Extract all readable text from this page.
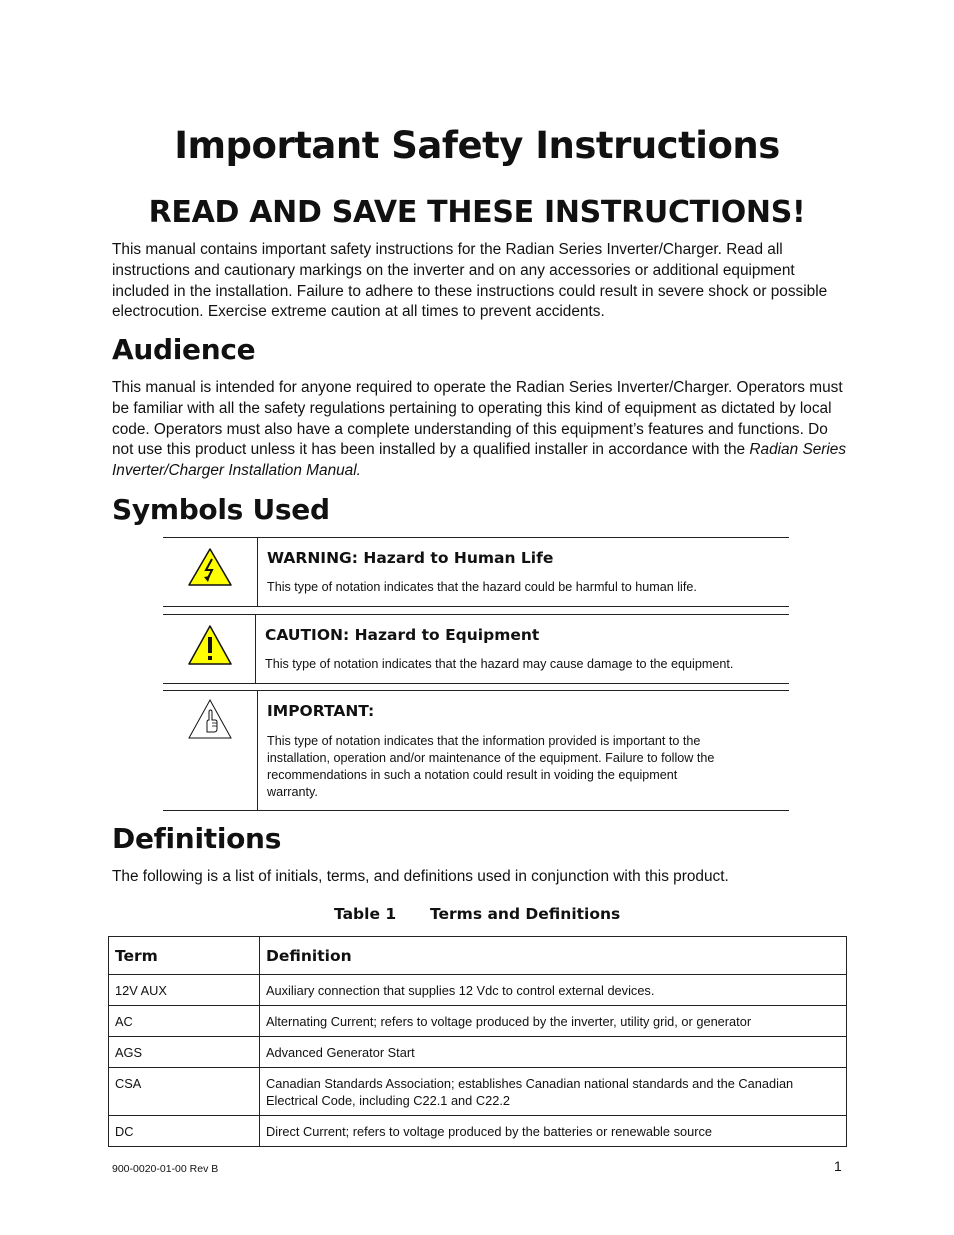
Important Safety Instructions
READ AND SAVE THESE INSTRUCTIONS!

This manual contains important safety instructions for the Radian Series Inverter/Charger. Read all instructions and cautionary markings on the inverter and on any accessories or additional equipment included in the installation. Failure to adhere to these instructions could result in severe shock or possible electrocution. Exercise extreme caution at all times to prevent accidents.

Audience

This manual is intended for anyone required to operate the Radian Series Inverter/Charger. Operators must be familiar with all the safety regulations pertaining to operating this kind of equipment as dictated by local code. Operators must also have a complete understanding of this equipment’s features and functions. Do not use this product unless it has been installed by a qualified installer in accordance with the Radian Series Inverter/Charger Installation Manual.

Symbols Used

WARNING: Hazard to Human Life

This type of notation indicates that the hazard could be harmful to human life.

CAUTION: Hazard to Equipment

This type of notation indicates that the hazard may cause damage to the equipment.

IMPORTANT:

This type of notation indicates that the information provided is important to the installation, operation and/or maintenance of the equipment. Failure to follow the recommendations in such a notation could result in voiding the equipment warranty.

Definitions

The following is a list of initials, terms, and definitions used in conjunction with this product.

Table 1 Terms and Definitions

Term	Definition
12V AUX	Auxiliary connection that supplies 12 Vdc to control external devices.
AC	Alternating Current; refers to voltage produced by the inverter, utility grid, or generator
AGS	Advanced Generator Start
CSA	Canadian Standards Association; establishes Canadian national standards and the Canadian Electrical Code, including C22.1 and C22.2
DC	Direct Current; refers to voltage produced by the batteries or renewable source

900-0020-01-00 Rev B	1
